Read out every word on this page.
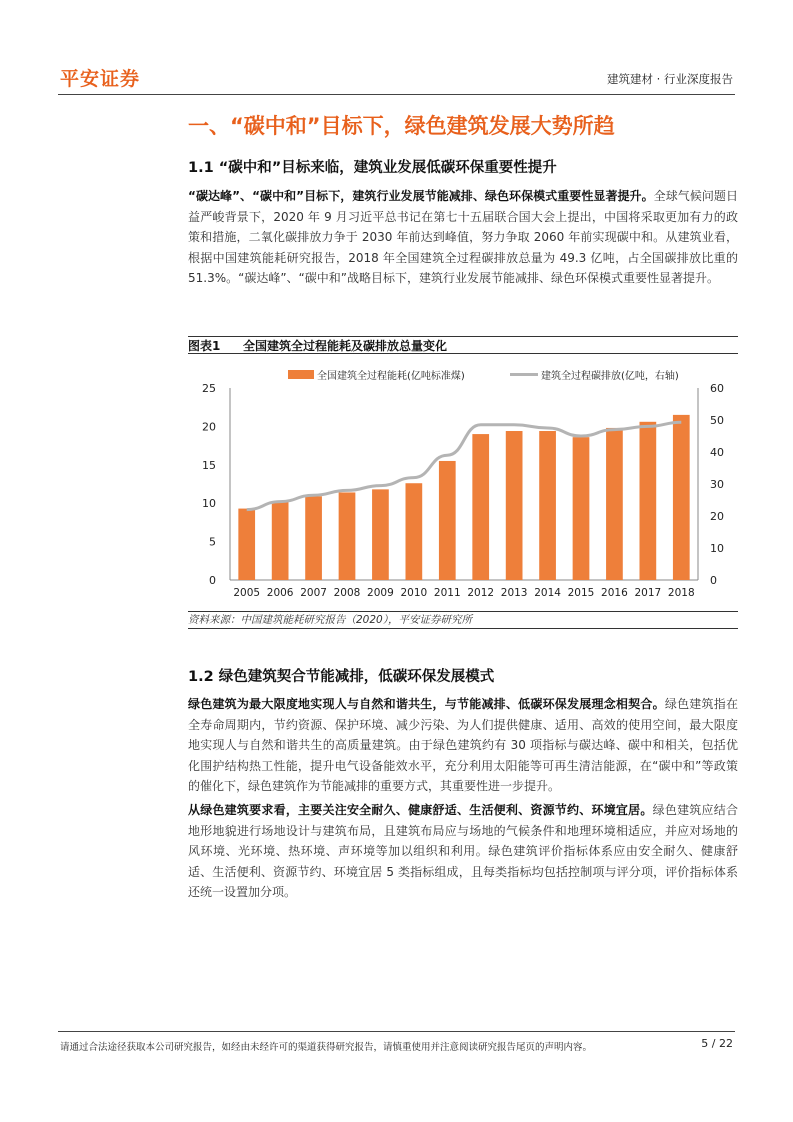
平安证券	建筑建材 · 行业深度报告
一、“碳中和”目标下，绿色建筑发展大势所趋
1.1 “碳中和”目标来临，建筑业发展低碳环保重要性提升
“碳达峰”、“碳中和”目标下，建筑行业发展节能减排、绿色环保模式重要性显著提升。全球气候问题日益严峻背景下，2020 年 9 月习近平总书记在第七十五届联合国大会上提出，中国将采取更加有力的政策和措施，二氧化碳排放力争于 2030 年前达到峰值，努力争取 2060 年前实现碳中和。从建筑业看，根据中国建筑能耗研究报告，2018 年全国建筑全过程碳排放总量为 49.3 亿吨，占全国碳排放比重的 51.3%。“碳达峰”、“碳中和”战略目标下，建筑行业发展节能减排、绿色环保模式重要性显著提升。
图表1 全国建筑全过程能耗及碳排放总量变化
0
5
10
15
20
25
0
10
20
30
40
50
60
2005 2006 2007 2008 2009 2010 2011 2012 2013 2014 2015 2016 2017 2018
全国建筑全过程能耗(亿吨标准煤)	建筑全过程碳排放(亿吨，右轴)
资料来源：中国建筑能耗研究报告（2020），平安证券研究所
1.2 绿色建筑契合节能减排，低碳环保发展模式
绿色建筑为最大限度地实现人与自然和谐共生，与节能减排、低碳环保发展理念相契合。绿色建筑指在全寿命周期内，节约资源、保护环境、减少污染、为人们提供健康、适用、高效的使用空间，最大限度地实现人与自然和谐共生的高质量建筑。由于绿色建筑约有 30 项指标与碳达峰、碳中和相关，包括优化围护结构热工性能，提升电气设备能效水平，充分利用太阳能等可再生清洁能源，在“碳中和”等政策的催化下，绿色建筑作为节能减排的重要方式，其重要性进一步提升。
从绿色建筑要求看，主要关注安全耐久、健康舒适、生活便利、资源节约、环境宜居。绿色建筑应结合地形地貌进行场地设计与建筑布局，且建筑布局应与场地的气候条件和地理环境相适应，并应对场地的风环境、光环境、热环境、声环境等加以组织和利用。绿色建筑评价指标体系应由安全耐久、健康舒适、生活便利、资源节约、环境宜居 5 类指标组成，且每类指标均包括控制项与评分项，评价指标体系还统一设置加分项。
请通过合法途径获取本公司研究报告，如经由未经许可的渠道获得研究报告，请慎重使用并注意阅读研究报告尾页的声明内容。	5 / 22
